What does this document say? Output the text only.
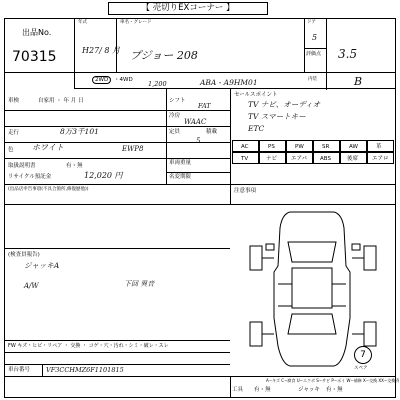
【 売切りEXコーナー 】
出品No.
70315
年式
H27/ 8 月
車名・グレード
プジョー 208
ドア
5
評価点 3.5
2WD	・4WD 1,200	ABA - A9HM01	内装	B
車検	自家用 ・ 年 月 日
走行	8万3千101
色 ホワイト	EWP8
取扱説明書	有・無
リサイクル預託金	12,020 円
シフト
FAT
冷房
WAAC
定員	積載
5
車両重量
名変期限
セールスポイント
TV ナビ、オーディオ
TV スマートキー
ETC
AC	PS	PW	SR	AW	革
TV	ナビ	エアバ ABS	後席	エアロ
注意事項
(出品店申告事項(不具合箇所,修復歴他))
(検査員報告)
ジャッキA
A/W	下回 異音
FW キズ・ヒビ・リペア ・ 交換 ・ コゲ・穴・汚れ・シミ・破レ・スレ
車台番号 VF3CCHMZ6F1101815
A−キズ C−腐食 U−エクボ S−サビ P−ポイ W−補修 X−交換 XX−交換済
7
スペア
工具 有・無	ジャッキ 有・無
